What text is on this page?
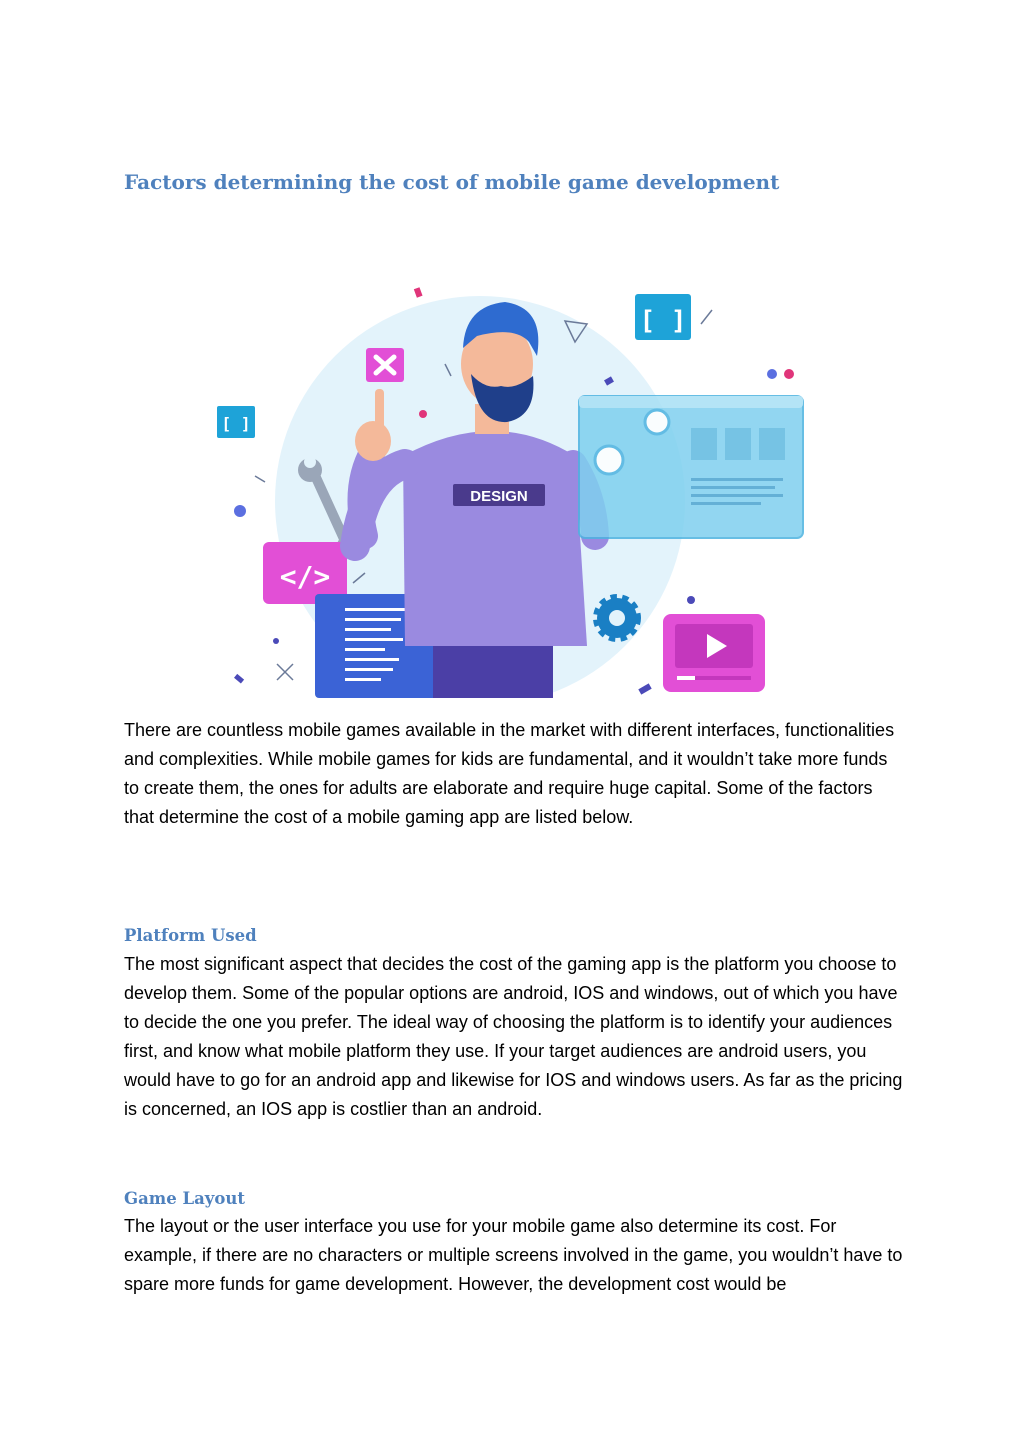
Factors determining the cost of mobile game development
[ ]
[ ]
</>
DESIGN

There are countless mobile games available in the market with different interfaces, functionalities and complexities. While mobile games for kids are fundamental, and it wouldn’t take more funds to create them, the ones for adults are elaborate and require huge capital. Some of the factors that determine the cost of a mobile gaming app are listed below.

Platform Used

The most significant aspect that decides the cost of the gaming app is the platform you choose to develop them. Some of the popular options are android, IOS and windows, out of which you have to decide the one you prefer. The ideal way of choosing the platform is to identify your audiences first, and know what mobile platform they use. If your target audiences are android users, you would have to go for an android app and likewise for IOS and windows users. As far as the pricing is concerned, an IOS app is costlier than an android.

Game Layout

The layout or the user interface you use for your mobile game also determine its cost. For example, if there are no characters or multiple screens involved in the game, you wouldn’t have to spare more funds for game development. However, the development cost would be
